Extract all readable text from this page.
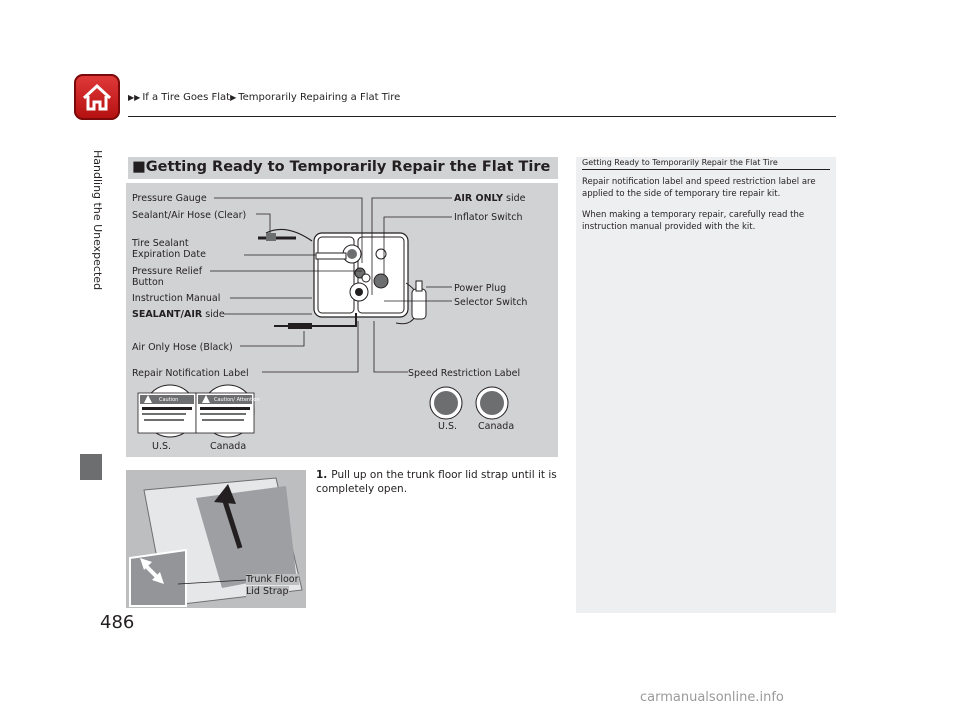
▶▶ If a Tire Goes Flat▶ Temporarily Repairing a Flat Tire
Handling the Unexpected
486
■Getting Ready to Temporarily Repair the Flat Tire
Pressure Gauge
Sealant/Air Hose (Clear)
Tire Sealant
Expiration Date
Pressure Relief
Button
Instruction Manual
SEALANT/AIR side
Air Only Hose (Black)
Repair Notification Label
AIR ONLY side
Inflator Switch
Power Plug
Selector Switch
Speed Restriction Label
U.S.	Canada
U.S. Canada
Caution	Caution/ Attention
1. Pull up on the trunk floor lid strap until it is completely open.
Trunk Floor
Lid Strap
Getting Ready to Temporarily Repair the Flat Tire

Repair notification label and speed restriction label are applied to the side of temporary tire repair kit.

When making a temporary repair, carefully read the instruction manual provided with the kit.

carmanualsonline.info
